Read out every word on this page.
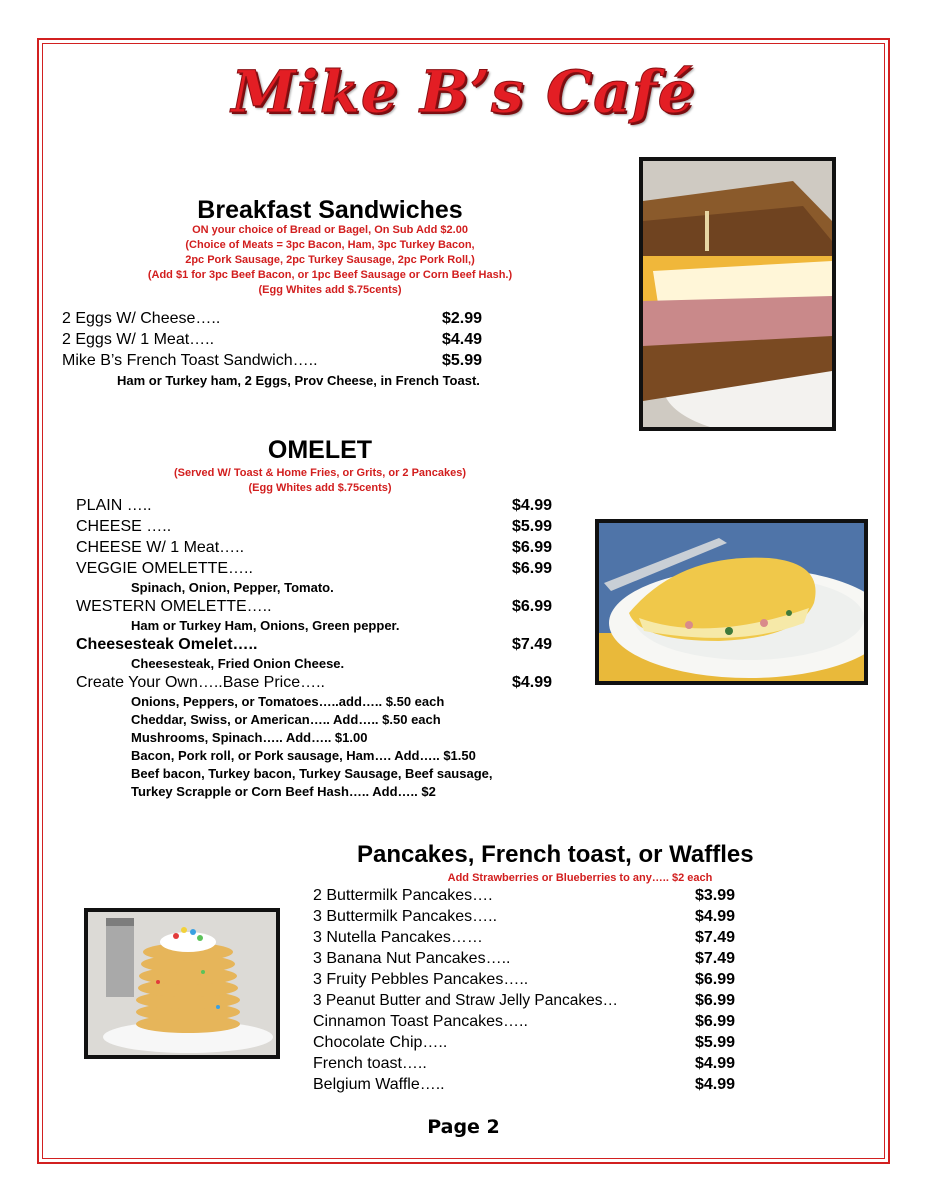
Mike B’s Café
Breakfast Sandwiches
ON your choice of Bread or Bagel, On Sub Add $2.00
(Choice of Meats = 3pc Bacon, Ham, 3pc Turkey Bacon,
2pc Pork Sausage, 2pc Turkey Sausage, 2pc Pork Roll,)
(Add $1 for 3pc Beef Bacon, or 1pc Beef Sausage or Corn Beef Hash.)
(Egg Whites add $.75cents)
2 Eggs W/ Cheese…..	$2.99
2 Eggs W/ 1 Meat…..	$4.49
Mike B’s French Toast Sandwich…..	$5.99
Ham or Turkey ham, 2 Eggs, Prov Cheese, in French Toast.
OMELET
(Served W/ Toast & Home Fries, or Grits, or 2 Pancakes)
(Egg Whites add $.75cents)
PLAIN …..	$4.99
CHEESE …..	$5.99
CHEESE W/ 1 Meat…..	$6.99
VEGGIE OMELETTE…..	$6.99
Spinach, Onion, Pepper, Tomato.
WESTERN OMELETTE…..	$6.99
Ham or Turkey Ham, Onions, Green pepper.
Cheesesteak Omelet…..	$7.49
Cheesesteak, Fried Onion Cheese.
Create Your Own…..Base Price…..	$4.99
Onions, Peppers, or Tomatoes…..add….. $.50 each
Cheddar, Swiss, or American….. Add….. $.50 each
Mushrooms, Spinach….. Add….. $1.00
Bacon, Pork roll, or Pork sausage, Ham…. Add….. $1.50
Beef bacon, Turkey bacon, Turkey Sausage, Beef sausage,
Turkey Scrapple or Corn Beef Hash….. Add….. $2
Pancakes, French toast, or Waffles
Add Strawberries or Blueberries to any….. $2 each
2 Buttermilk Pancakes….	$3.99
3 Buttermilk Pancakes…..	$4.99
3 Nutella Pancakes……	$7.49
3 Banana Nut Pancakes…..	$7.49
3 Fruity Pebbles Pancakes…..	$6.99
3 Peanut Butter and Straw Jelly Pancakes…	$6.99
Cinnamon Toast Pancakes…..	$6.99
Chocolate Chip…..	$5.99
French toast…..	$4.99
Belgium Waffle…..	$4.99
Page 2
